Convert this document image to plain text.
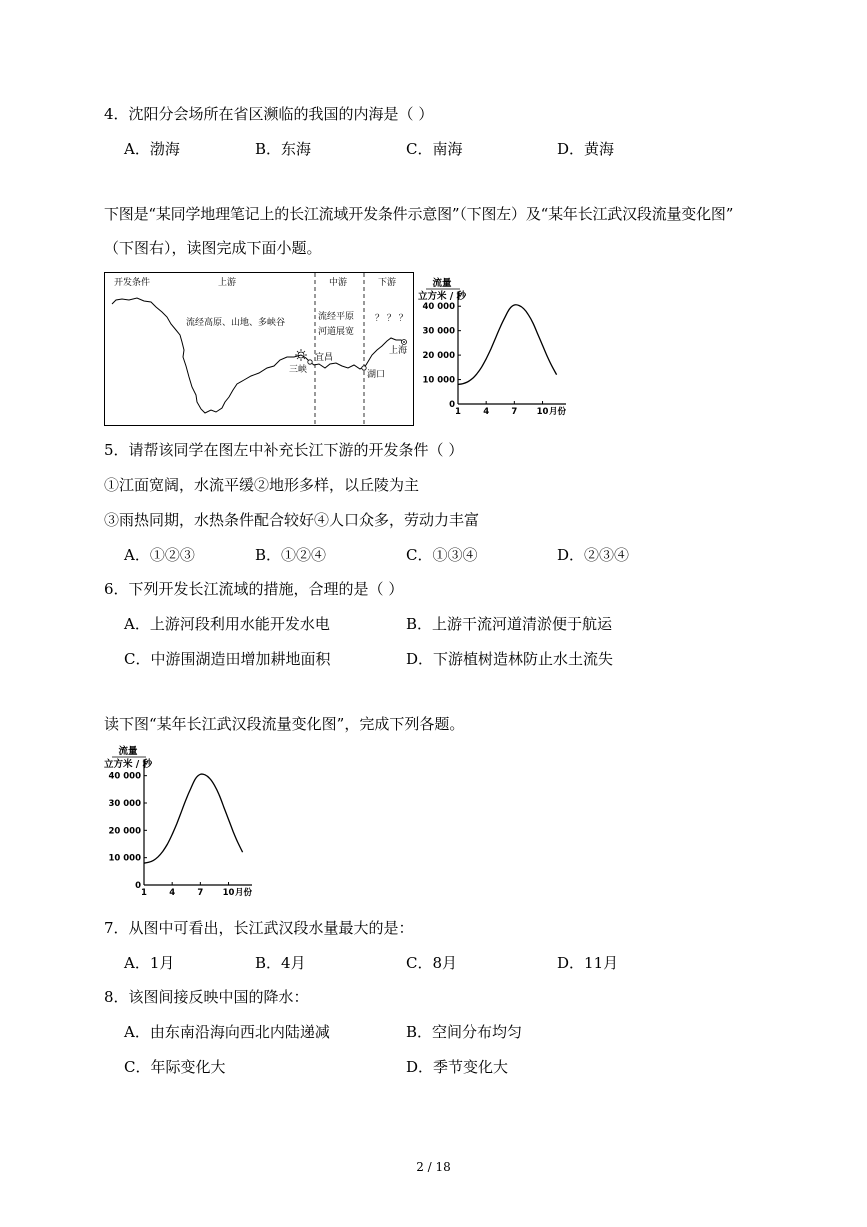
4．沈阳分会场所在省区濒临的我国的内海是（ ）
A．渤海	B．东海	C．南海	D．黄海
下图是“某同学地理笔记上的长江流域开发条件示意图”（下图左）及“某年长江武汉段流量变化图”
（下图右），读图完成下面小题。
开发条件	上游	中游	下游
流经高原、山地、多峡谷
流经平原
河道展宽
？ ？ ？
宜昌
三峡	湖口
上海
流量
立方米 / 秒
0
10 000
20 000
30 000
40 000
1	4	7 10 月份
5．请帮该同学在图左中补充长江下游的开发条件（ ）
①江面宽阔，水流平缓②地形多样，以丘陵为主
③雨热同期，水热条件配合较好④人口众多，劳动力丰富
A．①②③	B．①②④	C．①③④	D．②③④
6．下列开发长江流域的措施，合理的是（ ）
A．上游河段利用水能开发水电	B．上游干流河道清淤便于航运
C．中游围湖造田增加耕地面积	D．下游植树造林防止水土流失
读下图“某年长江武汉段流量变化图”，完成下列各题。
流量
立方米 / 秒
0
10 000
20 000
30 000
40 000
1	4	7 10 月份
7．从图中可看出，长江武汉段水量最大的是：
A．1月	B．4月	C．8月	D．11月
8．该图间接反映中国的降水：
A．由东南沿海向西北内陆递减	B．空间分布均匀
C．年际变化大	D．季节变化大
2 / 18
